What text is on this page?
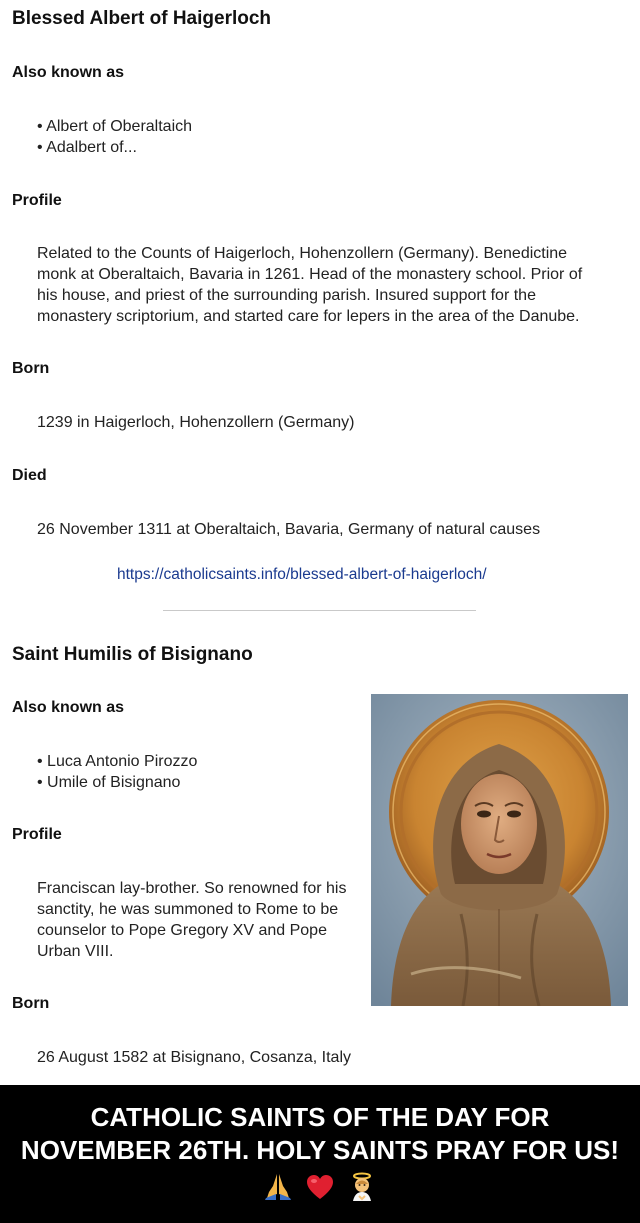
Blessed Albert of Haigerloch
Also known as
• Albert of Oberaltaich
• Adalbert of...
Profile
Related to the Counts of Haigerloch, Hohenzollern (Germany). Benedictine
monk at Oberaltaich, Bavaria in 1261. Head of the monastery school. Prior of
his house, and priest of the surrounding parish. Insured support for the
monastery scriptorium, and started care for lepers in the area of the Danube.
Born
1239 in Haigerloch, Hohenzollern (Germany)
Died
26 November 1311 at Oberaltaich, Bavaria, Germany of natural causes
https://catholicsaints.info/blessed-albert-of-haigerloch/
Saint Humilis of Bisignano
Also known as
• Luca Antonio Pirozzo
• Umile of Bisignano
Profile
Franciscan lay-brother. So renowned for his
sanctity, he was summoned to Rome to be
counselor to Pope Gregory XV and Pope
Urban VIII.
Born
26 August 1582 at Bisignano, Cosanza, Italy
CATHOLIC SAINTS OF THE DAY FOR
NOVEMBER 26TH. HOLY SAINTS PRAY FOR US!
